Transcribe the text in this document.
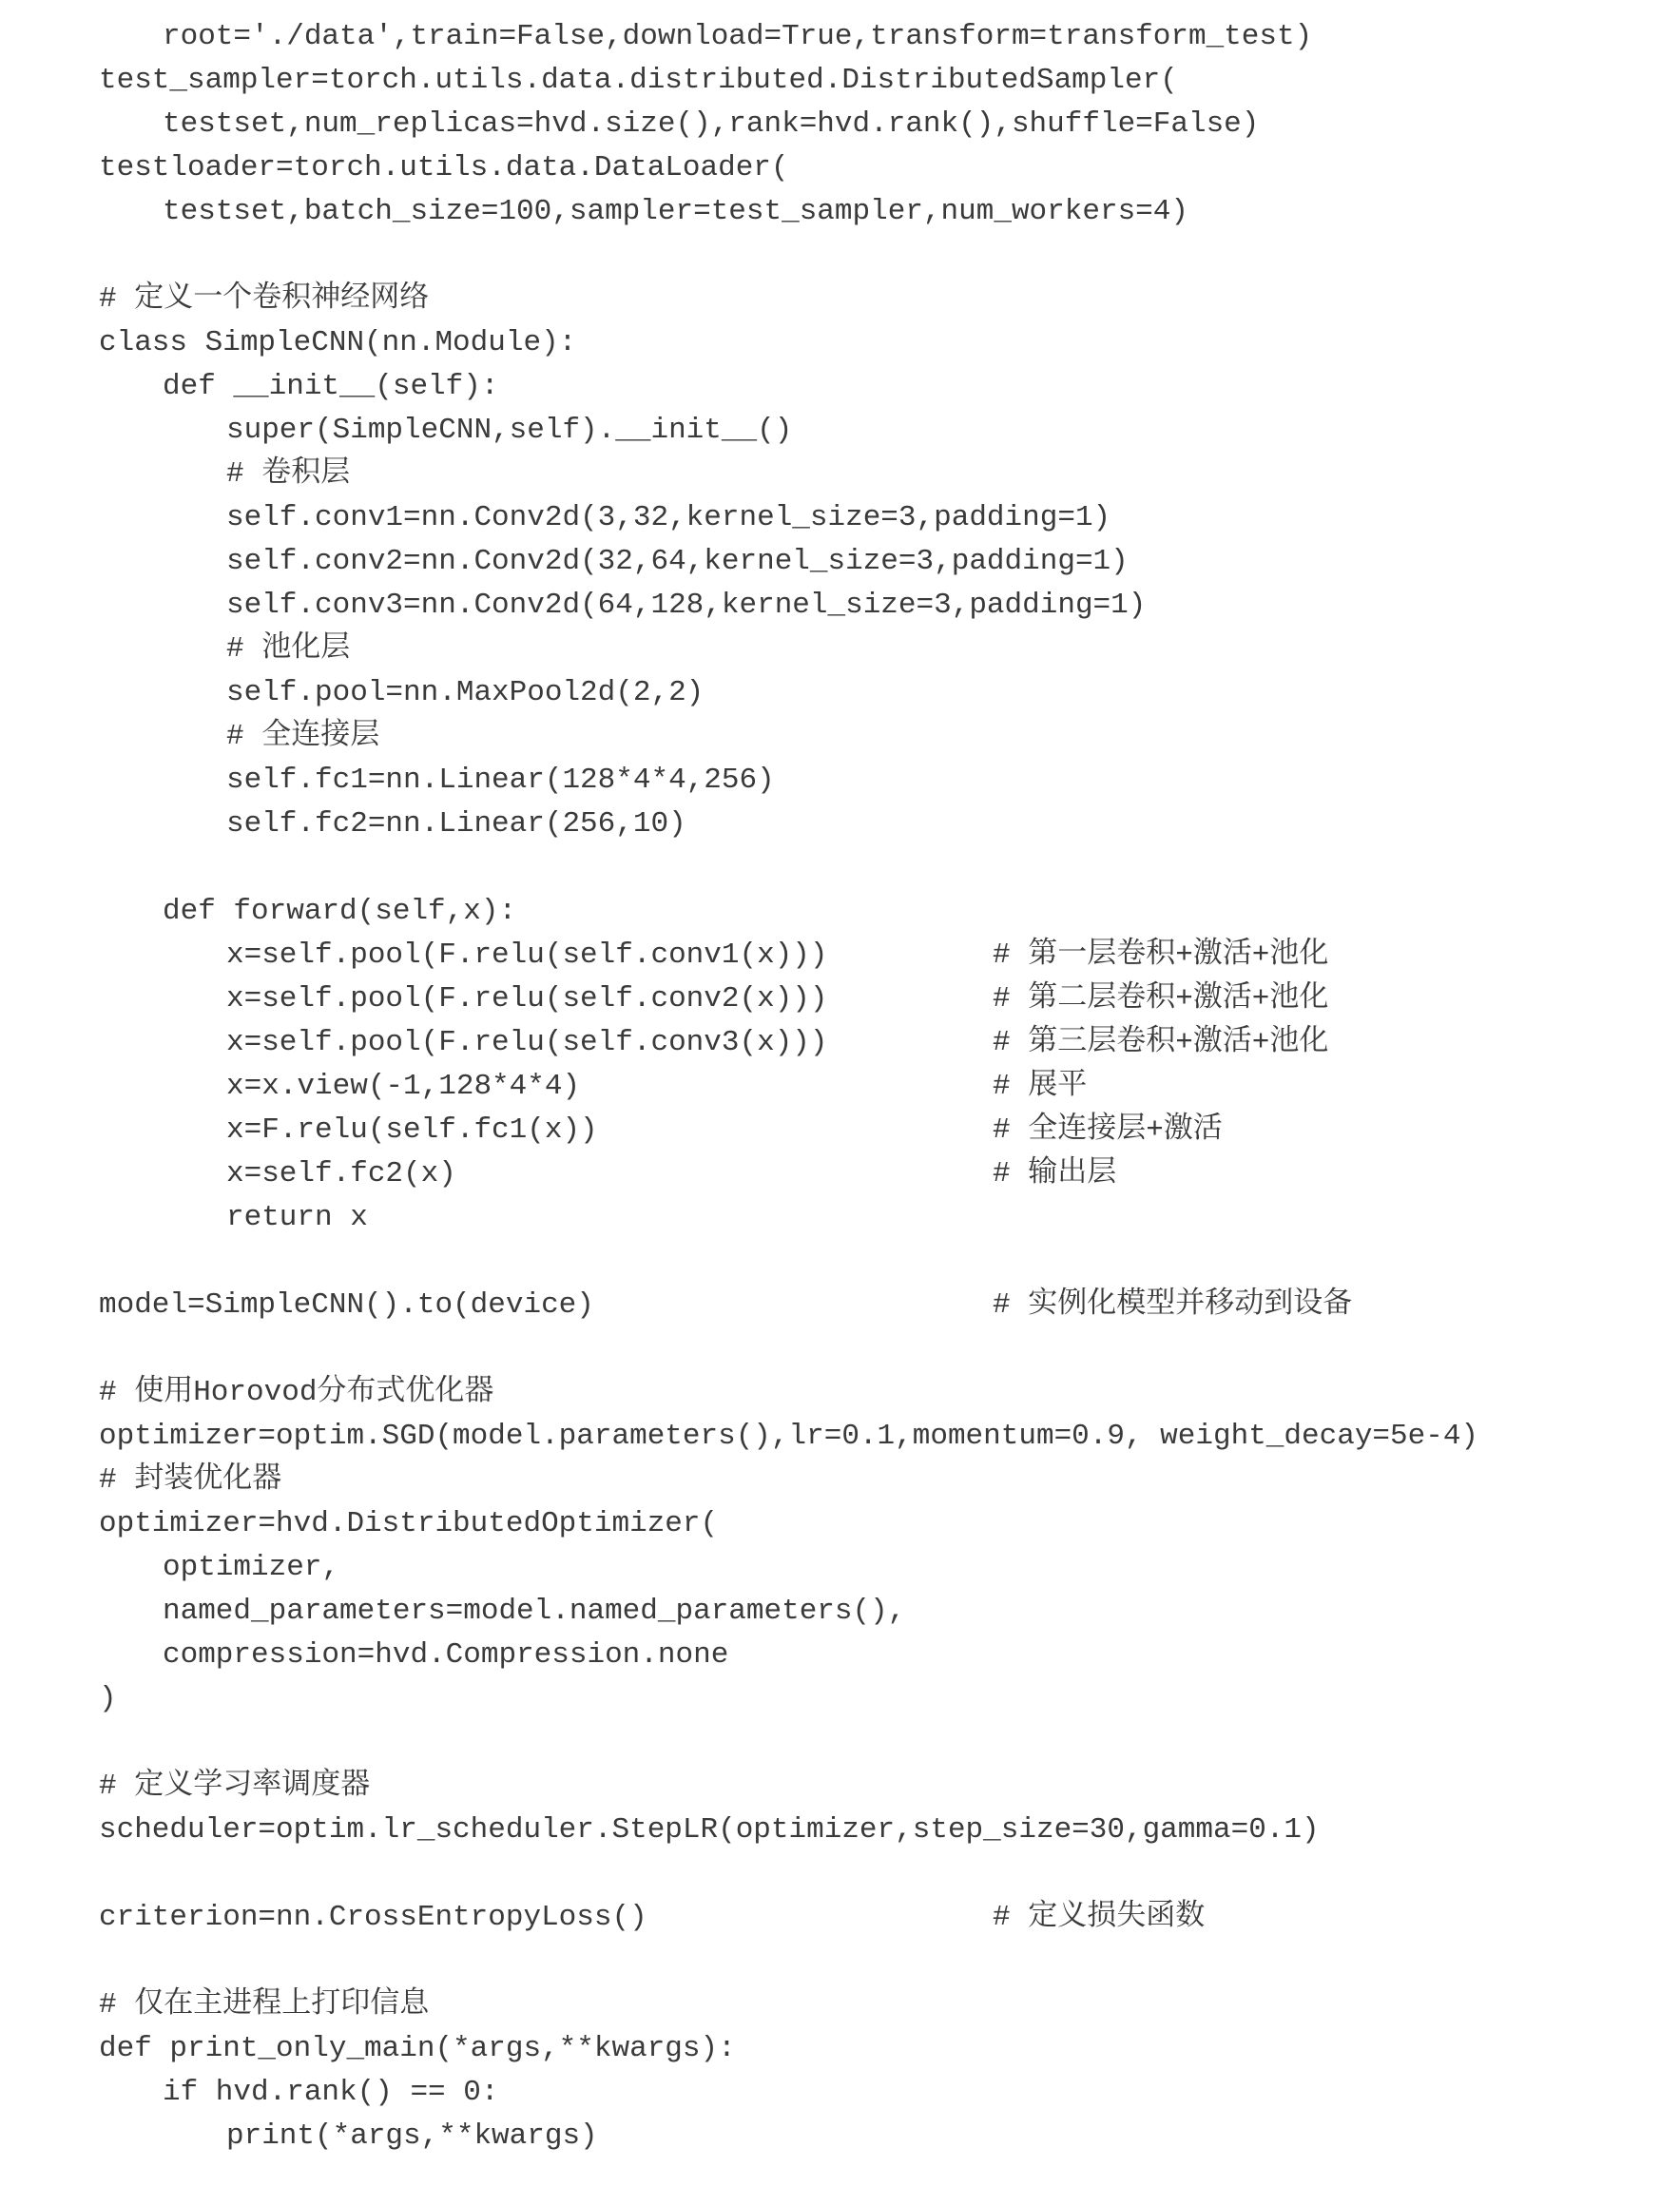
root='./data',train=False,download=True,transform=transform_test)
test_sampler=torch.utils.data.distributed.DistributedSampler(
testset,num_replicas=hvd.size(),rank=hvd.rank(),shuffle=False)
testloader=torch.utils.data.DataLoader(
testset,batch_size=100,sampler=test_sampler,num_workers=4)
# 定义一个卷积神经网络
class SimpleCNN(nn.Module):
def __init__(self):
super(SimpleCNN,self).__init__()
# 卷积层
self.conv1=nn.Conv2d(3,32,kernel_size=3,padding=1)
self.conv2=nn.Conv2d(32,64,kernel_size=3,padding=1)
self.conv3=nn.Conv2d(64,128,kernel_size=3,padding=1)
# 池化层
self.pool=nn.MaxPool2d(2,2)
# 全连接层
self.fc1=nn.Linear(128*4*4,256)
self.fc2=nn.Linear(256,10)
def forward(self,x):
x=self.pool(F.relu(self.conv1(x)))	# 第一层卷积+激活+池化
x=self.pool(F.relu(self.conv2(x)))	# 第二层卷积+激活+池化
x=self.pool(F.relu(self.conv3(x)))	# 第三层卷积+激活+池化
x=x.view(-1,128*4*4)	# 展平
x=F.relu(self.fc1(x))	# 全连接层+激活
x=self.fc2(x)	# 输出层
return x
model=SimpleCNN().to(device)	# 实例化模型并移动到设备
# 使用Horovod分布式优化器
optimizer=optim.SGD(model.parameters(),lr=0.1,momentum=0.9, weight_decay=5e-4)
# 封装优化器
optimizer=hvd.DistributedOptimizer(
optimizer,
named_parameters=model.named_parameters(),
compression=hvd.Compression.none
)
# 定义学习率调度器
scheduler=optim.lr_scheduler.StepLR(optimizer,step_size=30,gamma=0.1)
criterion=nn.CrossEntropyLoss()	# 定义损失函数
# 仅在主进程上打印信息
def print_only_main(*args,**kwargs):
if hvd.rank() == 0:
print(*args,**kwargs)
